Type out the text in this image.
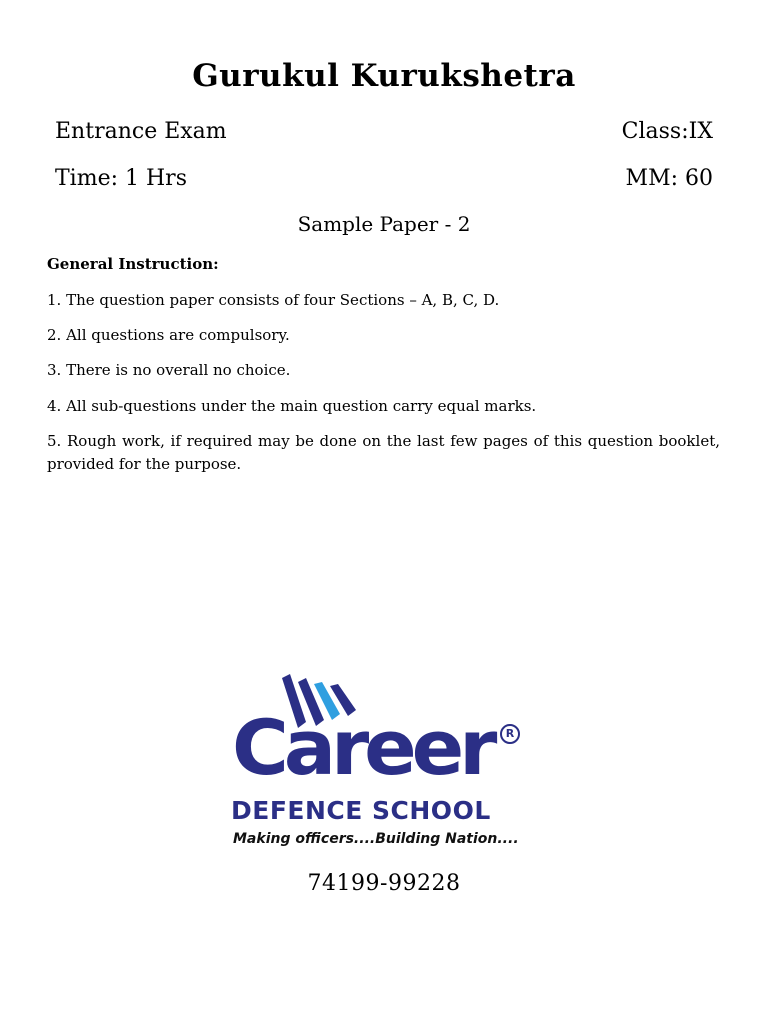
Gurukul Kurukshetra
Entrance Exam	Class:IX
Time: 1 Hrs	MM: 60
Sample Paper - 2
General Instruction:
1. The question paper consists of four Sections – A, B, C, D.
2. All questions are compulsory.
3. There is no overall no choice.
4. All sub-questions under the main question carry equal marks.
5. Rough work, if required may be done on the last few pages of this question booklet, provided for the purpose.
Career	R
DEFENCE SCHOOL
Making officers....Building Nation....
74199-99228
